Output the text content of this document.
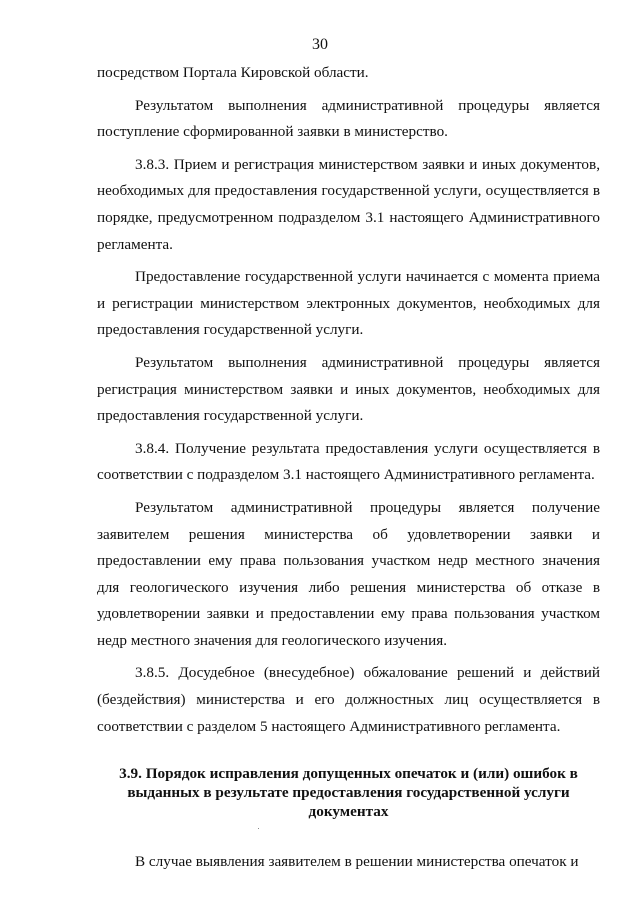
30

посредством Портала Кировской области.

Результатом выполнения административной процедуры является поступление сформированной заявки в министерство.

3.8.3. Прием и регистрация министерством заявки и иных документов, необходимых для предоставления государственной услуги, осуществляется в порядке, предусмотренном подразделом 3.1 настоящего Административного регламента.

Предоставление государственной услуги начинается с момента приема и регистрации министерством электронных документов, необходимых для предоставления государственной услуги.

Результатом выполнения административной процедуры является регистрация министерством заявки и иных документов, необходимых для предоставления государственной услуги.

3.8.4. Получение результата предоставления услуги осуществляется в соответствии с подразделом 3.1 настоящего Административного регламента.

Результатом административной процедуры является получение заявителем решения министерства об удовлетворении заявки и предоставлении ему права пользования участком недр местного значения для геологического изучения либо решения министерства об отказе в удовлетворении заявки и предоставлении ему права пользования участком недр местного значения для геологического изучения.

3.8.5. Досудебное (внесудебное) обжалование решений и действий (бездействия) министерства и его должностных лиц осуществляется в соответствии с разделом 5 настоящего Административного регламента.

3.9. Порядок исправления допущенных опечаток и (или) ошибок в выданных в результате предоставления государственной услуги документах

В случае выявления заявителем в решении министерства опечаток и
